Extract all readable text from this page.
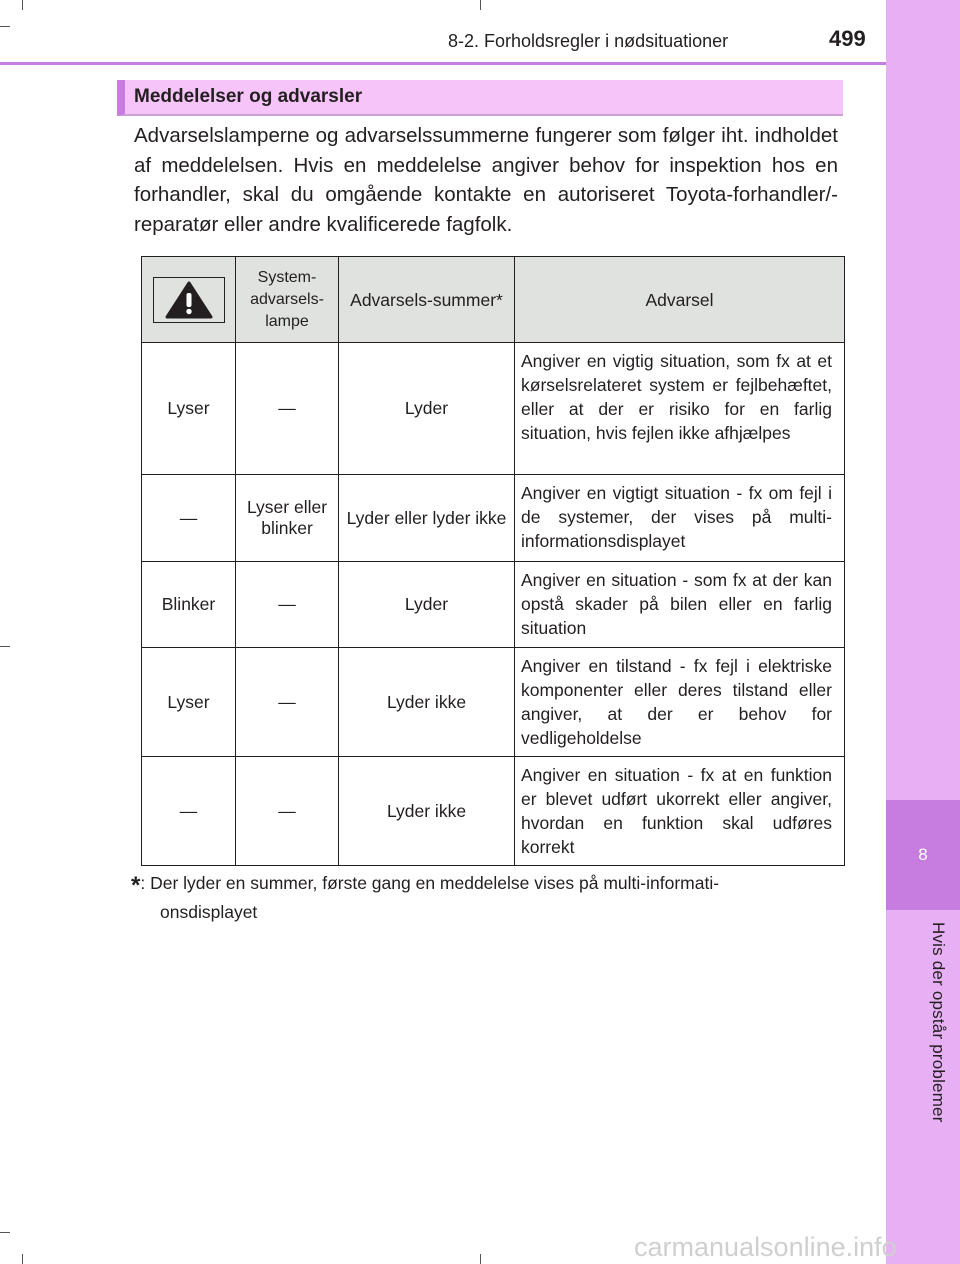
8
Hvis der opstår problemer
8-2. Forholdsregler i nødsituationer	499
Meddelelser og advarsler

Advarselslamperne og advarselssummerne fungerer som følger iht. indholdet af meddelelsen. Hvis en meddelelse angiver behov for inspektion hos en forhandler, skal du omgående kontakte en autoriseret Toyota-forhandler/-reparatør eller andre kvalificerede fagfolk.

	System-advarsels-lampe	Advarsels-summer*	Advarsel
Lyser	—	Lyder	Angiver en vigtig situation, som fx at et kørselsrelateret system er fejlbehæftet, eller at der er risiko for en farlig situation, hvis fejlen ikke afhjælpes

—	Lyser eller blinker	Lyder eller lyder ikke	Angiver en vigtigt situation - fx om fejl i de systemer, der vises på multi-informationsdisplayet

Blinker	—	Lyder	Angiver en situation - som fx at der kan opstå skader på bilen eller en farlig situation

Lyser	—	Lyder ikke	Angiver en tilstand - fx fejl i elektriske komponenter eller deres tilstand eller angiver, at der er behov for vedligeholdelse

—	—	Lyder ikke	Angiver en situation - fx at en funktion er blevet udført ukorrekt eller angiver, hvordan en funktion skal udføres korrekt
*: Der lyder en summer, første gang en meddelelse vises på multi-informati-
onsdisplayet
carmanualsonline.info
